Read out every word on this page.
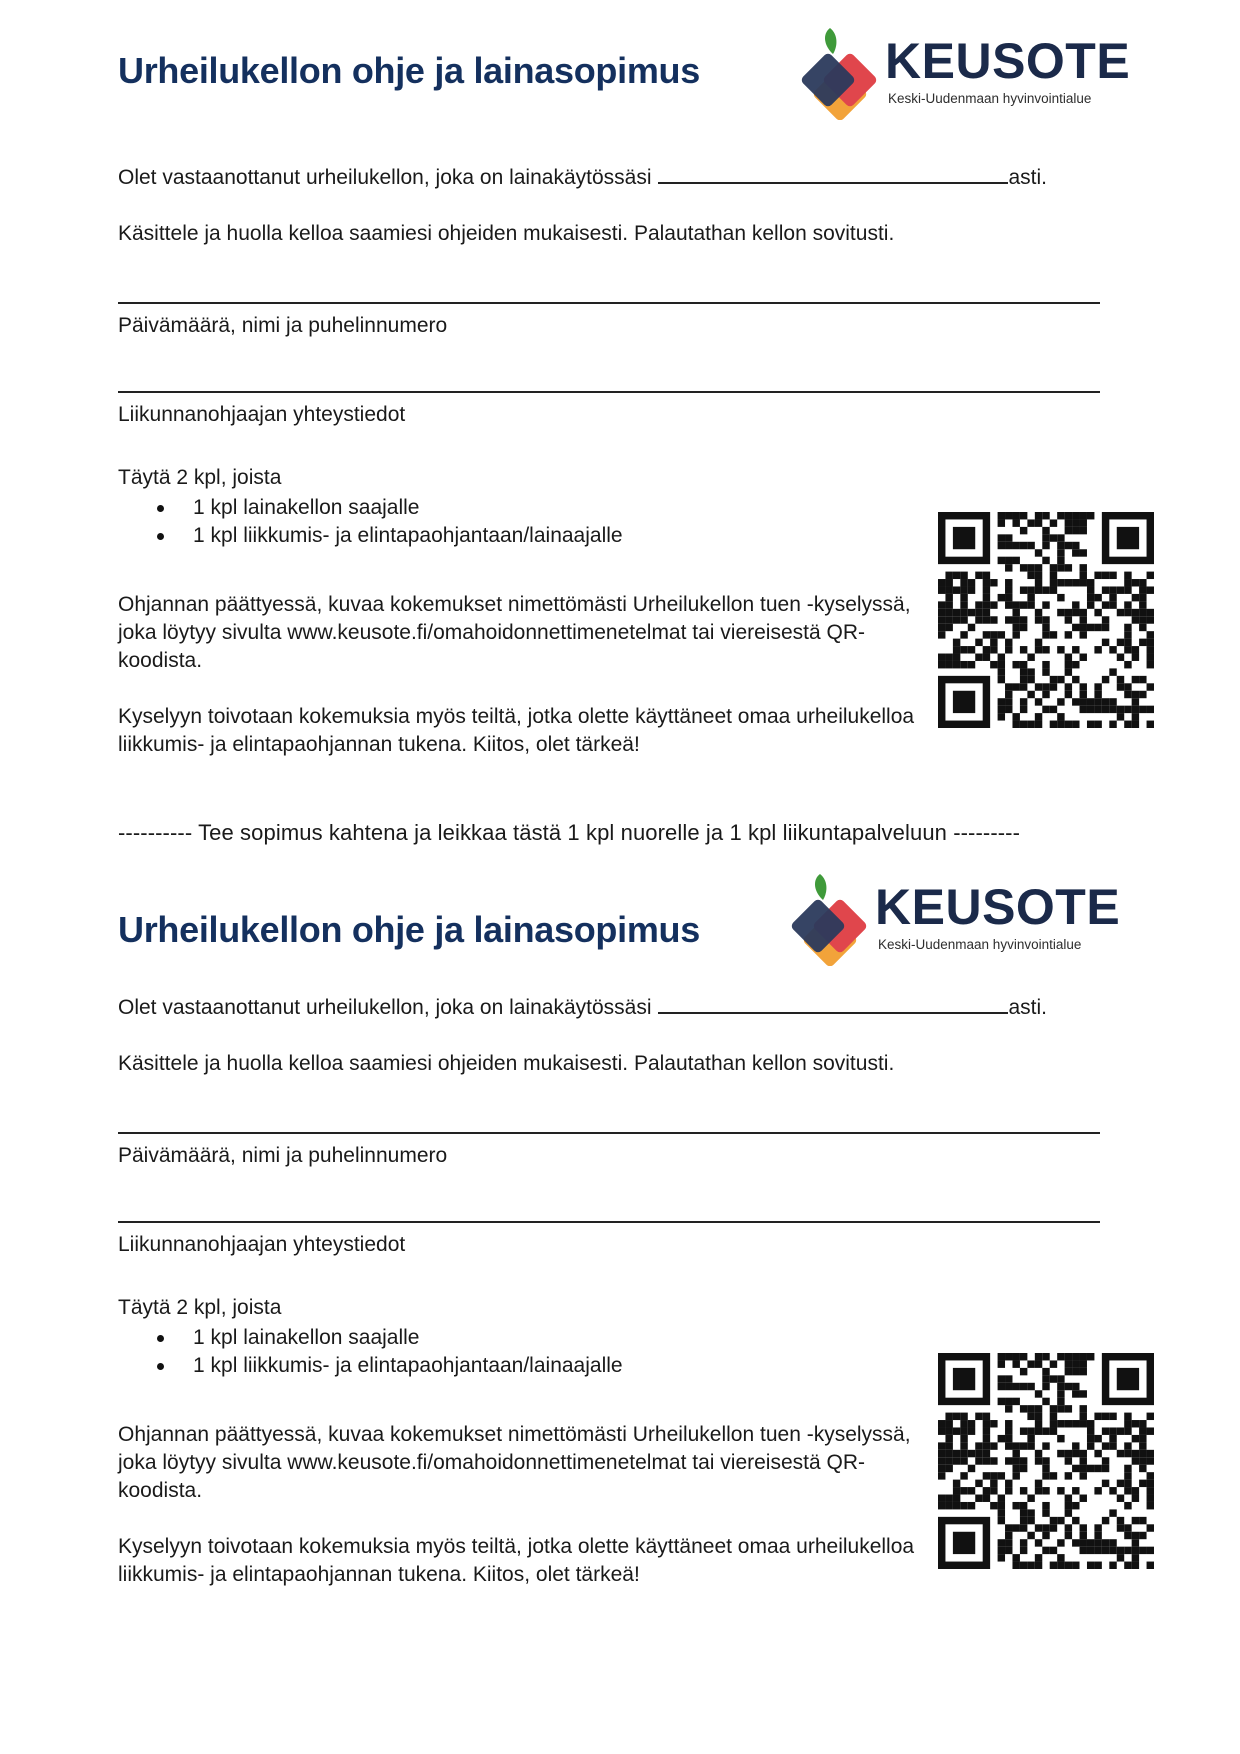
Urheilukellon ohje ja lainasopimus	KEUSOTE
Keski-Uudenmaan hyvinvointialue

Olet vastaanottanut urheilukellon, joka on lainakäytössäsi	asti.

Käsittele ja huolla kelloa saamiesi ohjeiden mukaisesti. Palautathan kellon sovitusti.

Päivämäärä, nimi ja puhelinnumero

Liikunnanohjaajan yhteystiedot

Täytä 2 kpl, joista

1 kpl lainakellon saajalle
1 kpl liikkumis- ja elintapaohjantaan/lainaajalle

Ohjannan päättyessä, kuvaa kokemukset nimettömästi Urheilukellon tuen -kyselyssä, joka löytyy sivulta www.keusote.fi/omahoidonnettimenetelmat tai viereisestä QR-koodista.

Kyselyyn toivotaan kokemuksia myös teiltä, jotka olette käyttäneet omaa urheilukelloa liikkumis- ja elintapaohjannan tukena. Kiitos, olet tärkeä!

---------- Tee sopimus kahtena ja leikkaa tästä 1 kpl nuorelle ja 1 kpl liikuntapalveluun ---------

Urheilukellon ohje ja lainasopimus	KEUSOTE
Keski-Uudenmaan hyvinvointialue

Olet vastaanottanut urheilukellon, joka on lainakäytössäsi	asti.

Käsittele ja huolla kelloa saamiesi ohjeiden mukaisesti. Palautathan kellon sovitusti.

Päivämäärä, nimi ja puhelinnumero

Liikunnanohjaajan yhteystiedot

Täytä 2 kpl, joista

1 kpl lainakellon saajalle
1 kpl liikkumis- ja elintapaohjantaan/lainaajalle

Ohjannan päättyessä, kuvaa kokemukset nimettömästi Urheilukellon tuen -kyselyssä, joka löytyy sivulta www.keusote.fi/omahoidonnettimenetelmat tai viereisestä QR-koodista.

Kyselyyn toivotaan kokemuksia myös teiltä, jotka olette käyttäneet omaa urheilukelloa liikkumis- ja elintapaohjannan tukena. Kiitos, olet tärkeä!
